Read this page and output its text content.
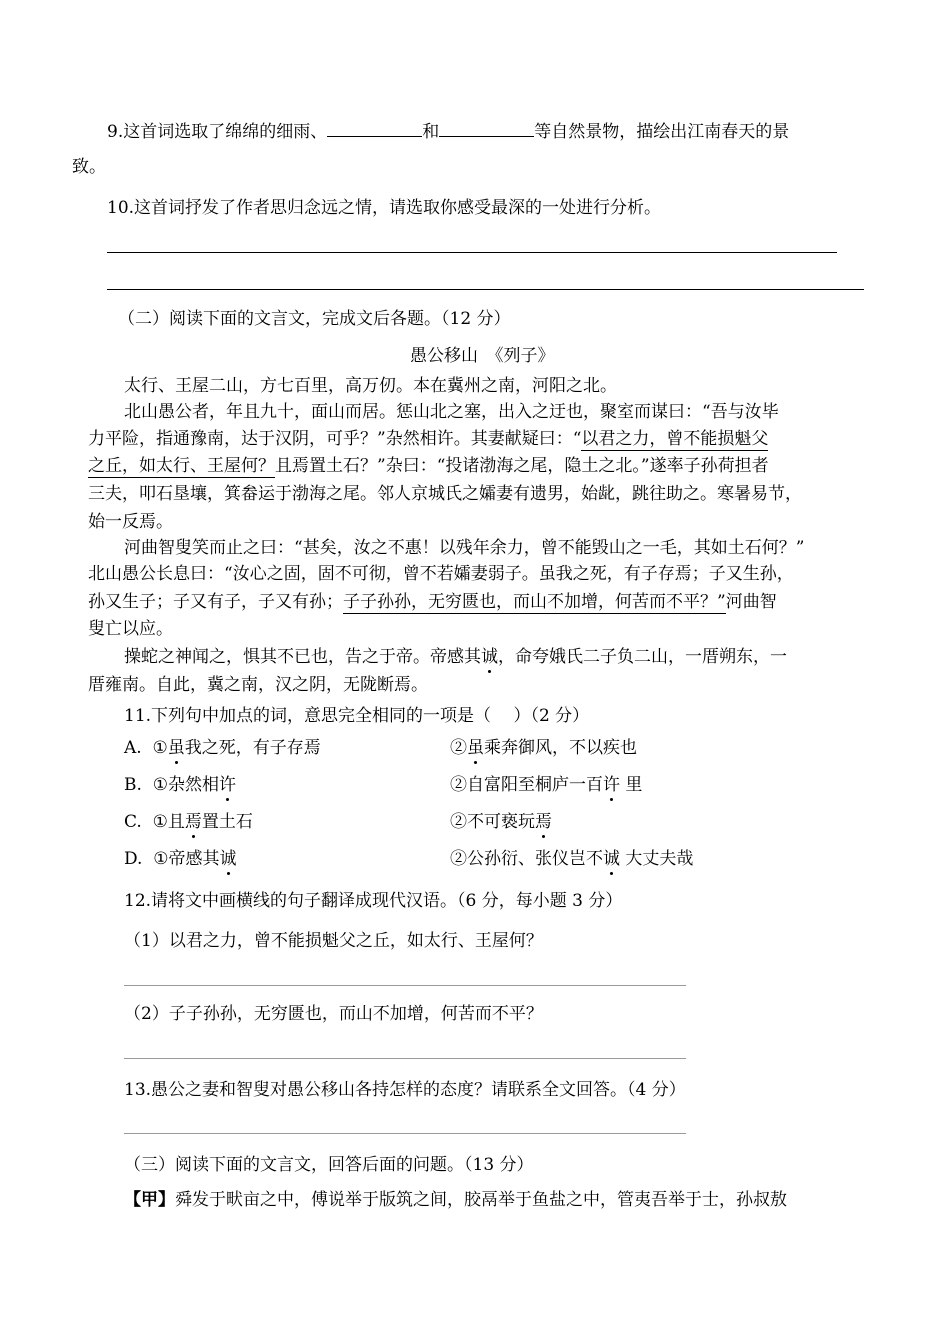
9.这首词选取了绵绵的细雨、	和	等自然景物，描绘出江南春天的景
致。
10.这首词抒发了作者思归念远之情，请选取你感受最深的一处进行分析。
（二）阅读下面的文言文，完成文后各题。（12 分）
愚公移山　《列子》
太行、王屋二山，方七百里，高万仞。本在冀州之南，河阳之北。
北山愚公者，年且九十，面山而居。惩山北之塞，出入之迂也，聚室而谋曰：“吾与汝毕
力平险，指通豫南，达于汉阴，可乎？”杂然相许。其妻献疑曰：“以君之力，曾不能损魁父
之丘，如太行、王屋何？且焉置土石？”杂曰：“投诸渤海之尾，隐土之北。”遂率子孙荷担者
三夫，叩石垦壤，箕畚运于渤海之尾。邻人京城氏之孀妻有遗男，始龀，跳往助之。寒暑易节，
始一反焉。
河曲智叟笑而止之曰：“甚矣，汝之不惠！以残年余力，曾不能毁山之一毛，其如土石何？”
北山愚公长息曰：“汝心之固，固不可彻，曾不若孀妻弱子。虽我之死，有子存焉；子又生孙，
孙又生子；子又有子，子又有孙；子子孙孙，无穷匮也，而山不加增，何苦而不平？”河曲智
叟亡以应。
操蛇之神闻之，惧其不已也，告之于帝。帝感其诚，命夸娥氏二子负二山，一厝朔东，一
厝雍南。自此，冀之南，汉之阴，无陇断焉。
11.下列句中加点的词，意思完全相同的一项是（　 ）（2 分）
A. ①虽我之死，有子存焉	②虽乘奔御风，不以疾也
B. ①杂然相许	②自富阳至桐庐一百许 里
C. ①且焉置土石	②不可亵玩焉
D. ①帝感其诚	②公孙衍、张仪岂不诚 大丈夫哉
12.请将文中画横线的句子翻译成现代汉语。（6 分，每小题 3 分）
（1）以君之力，曾不能损魁父之丘，如太行、王屋何？
（2）子子孙孙，无穷匮也，而山不加增，何苦而不平？
13.愚公之妻和智叟对愚公移山各持怎样的态度？请联系全文回答。（4 分）
（三）阅读下面的文言文，回答后面的问题。（13 分）
【甲】舜发于畎亩之中，傅说举于版筑之间，胶鬲举于鱼盐之中，管夷吾举于士，孙叔敖
